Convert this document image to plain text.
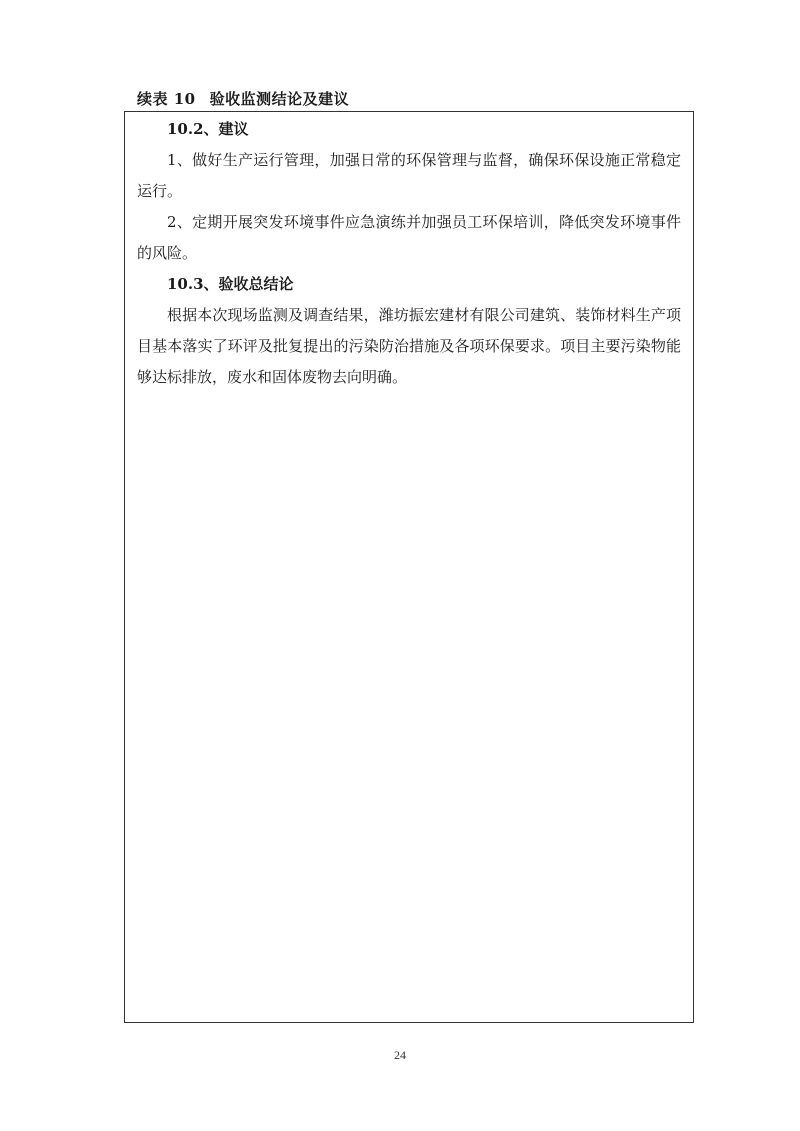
续表 10 验收监测结论及建议

10.2、建议

1、做好生产运行管理，加强日常的环保管理与监督，确保环保设施正常稳定运行。

2、定期开展突发环境事件应急演练并加强员工环保培训，降低突发环境事件的风险。

10.3、验收总结论

根据本次现场监测及调查结果，潍坊振宏建材有限公司建筑、装饰材料生产项目基本落实了环评及批复提出的污染防治措施及各项环保要求。项目主要污染物能够达标排放，废水和固体废物去向明确。

24
